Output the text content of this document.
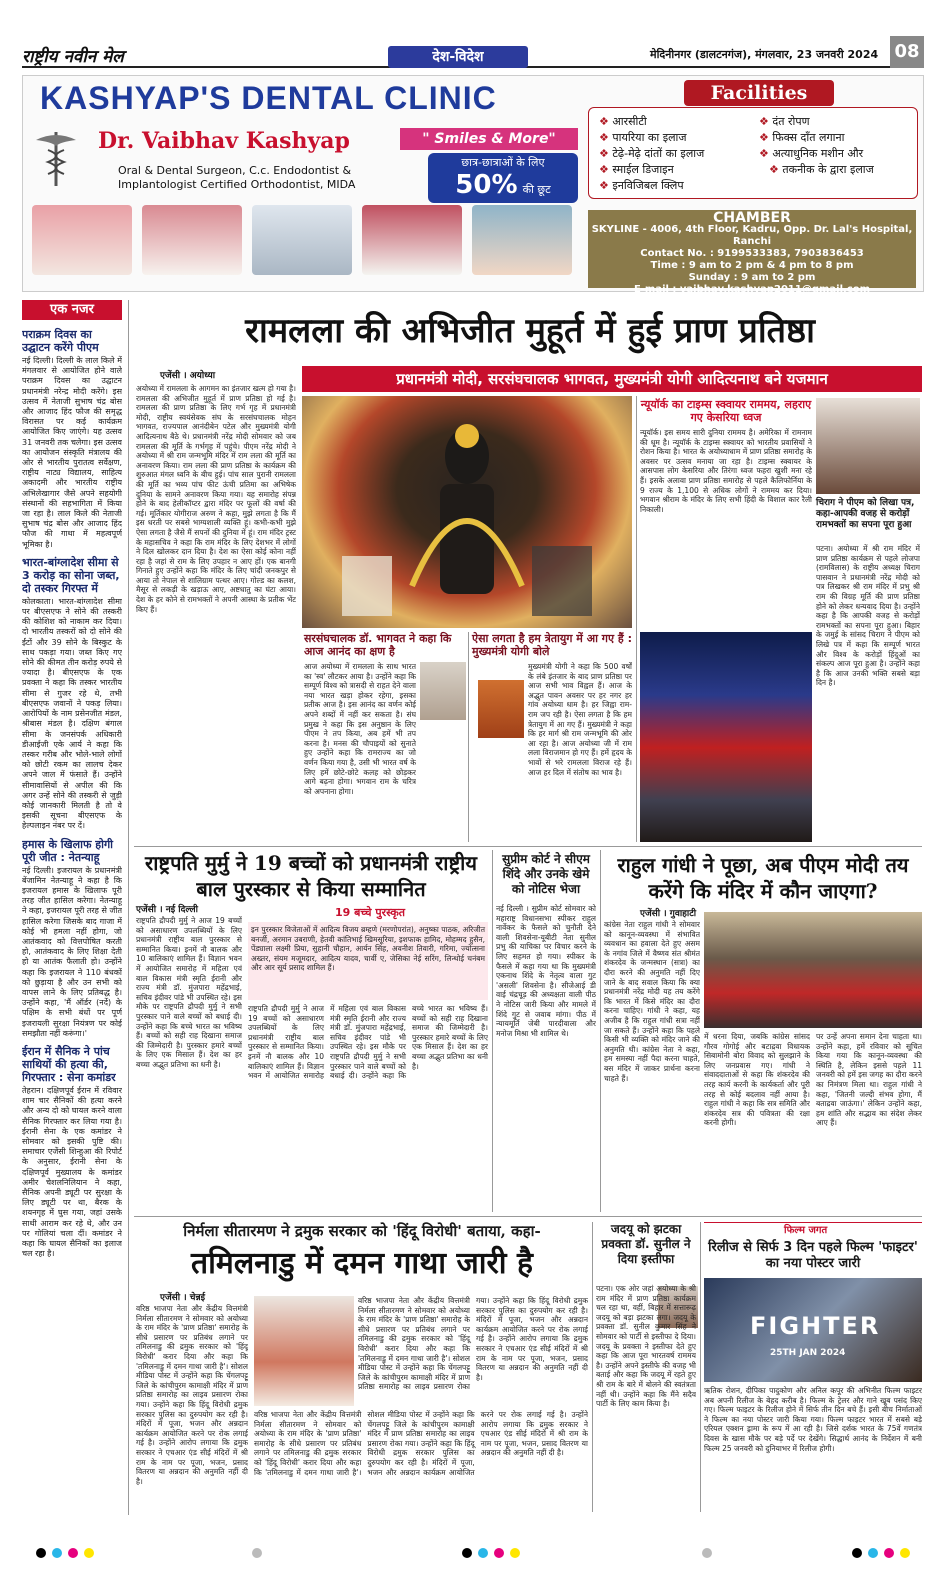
राष्ट्रीय नवीन मेल	देश-विदेश	मेदिनीनगर (डालटनगंज), मंगलवार, 23 जनवरी 2024 08
KASHYAP'S DENTAL CLINIC
Dr. Vaibhav Kashyap
Oral & Dental Surgeon, C.c. Endodontist & Implantologist Certified Orthodontist, MIDA
" Smiles & More"
छात्र-छात्राओं के लिए
50% की छूट
Facilities
❖ आरसीटी
❖ पायरिया का इलाज
❖ टेढ़े-मेढ़े दांतों का इलाज
❖ स्माईल डिजाइन
❖ इनविजिबल क्लिप
❖ दंत रोपण
❖ फिक्स दाँत लगाना
❖ अत्याधुनिक मशीन और
❖ तकनीक के द्वारा इलाज
CHAMBER
SKYLINE - 4006, 4th Floor, Kadru, Opp. Dr. Lal's Hospital, Ranchi
Contact No. : 9199533383, 7903836453
Time : 9 am to 2 pm & 4 pm to 8 pm
Sunday : 9 am to 2 pm
E-mail : vaibhav.kashyap2011@gmail.com
एक नजर
पराक्रम दिवस का उद्घाटन करेंगे पीएम
नई दिल्ली। दिल्ली के लाल किले में मंगलवार से आयोजित होने वाले पराक्रम दिवस का उद्घाटन प्रधानमंत्री नरेन्द्र मोदी करेंगे। इस उत्सव में नेताजी सुभाष चंद्र बोस और आजाद हिंद फौज की समृद्ध विरासत पर कई कार्यक्रम आयोजित किए जाएंगे। यह उत्सव 31 जनवरी तक चलेगा। इस उत्सव का आयोजन संस्कृति मंत्रालय की ओर से भारतीय पुरातत्व सर्वेक्षण, राष्ट्रीय नाट्य विद्यालय, साहित्य अकादमी और भारतीय राष्ट्रीय अभिलेखागार जैसे अपने सहयोगी संस्थानों की सहभागिता में किया जा रहा है। लाल किले की नेताजी सुभाष चंद्र बोस और आजाद हिंद फौज की गाथा में महत्वपूर्ण भूमिका है।
भारत-बांग्लादेश सीमा से 3 करोड़ का सोना जब्त, दो तस्कर गिरफ्त में
कोलकाता। भारत-बांग्लादेश सीमा पर बीएसएफ ने सोने की तस्करी की कोशिश को नाकाम कर दिया। दो भारतीय तस्करों को दो सोने की ईंटों और 39 सोने के बिस्कुट के साथ पकड़ा गया। जब्त किए गए सोने की कीमत तीन करोड़ रुपये से ज्यादा है। बीएसएफ के एक प्रवक्ता ने कहा कि तस्कर भारतीय सीमा से गुजर रहे थे, तभी बीएसएफ जवानों ने पकड़ लिया। आरोपियों के नाम प्रसेनजीत मंडल, श्रीबास मंडल है। दक्षिण बंगाल सीमा के जनसंपर्क अधिकारी डीआईजी एके आर्य ने कहा कि तस्कर गरीब और भोले-भाले लोगों को छोटी रकम का लालच देकर अपने जाल में फंसाते हैं। उन्होंने सीमावासियों से अपील की कि अगर उन्हें सोने की तस्करी से जुड़ी कोई जानकारी मिलती है तो वे इसकी सूचना बीएसएफ के हेल्पलाइन नंबर पर दें।
हमास के खिलाफ होगी पूरी जीत : नेतन्याहू
नई दिल्ली। इजरायल के प्रधानमंत्री बेंजामिन नेतन्याहू ने कहा है कि इजरायल हमास के खिलाफ पूरी तरह जीत हासिल करेगा। नेतन्याहू ने कहा, इजरायल पूरी तरह से जीत हासिल करेगा जिसके बाद गाजा में कोई भी हमला नहीं होगा, जो आतंकवाद को वित्तपोषित करती हो, आतंकवाद के लिए शिक्षा देती हो या आतंक फैलाती हो। उन्होंने कहा कि इजरायल ने 110 बंधकों को छुड़ाया है और उन सभी को वापस लाने के लिए प्रतिबद्ध है। उन्होंने कहा, 'मैं ऑर्डर (नर्दे) के पक्षिम के सभी बंधों पर पूर्ण इजरायली सुरक्षा नियंत्रण पर कोई समझौता नहीं करूंगा।'
ईरान में सैनिक ने पांच साथियों की हत्या की, गिरफ्तार : सेना कमांडर
तेहरान। दक्षिणपूर्व ईरान में रविवार शाम चार सैनिकों की हत्या करने और अन्य दो को घायल करने वाला सैनिक गिरफ्तार कर लिया गया है। ईरानी सेना के एक कमांडर ने सोमवार को इसकी पुष्टि की। समाचार एजेंसी शिन्हुआ की रिपोर्ट के अनुसार, ईरानी सेना के दक्षिणपूर्व मुख्यालय के कमांडर अमीर चेशलनिलियान ने कहा, सैनिक अपनी ड्यूटी पर सुरक्षा के लिए ड्यूटी पर था, बैरक के शयनगृह में घुस गया, जहां उसके साथी आराम कर रहे थे, और उन पर गोलियां चला दीं। कमांडर ने कहा कि घायल सैनिकों का इलाज चल रहा है।
रामलला की अभिजीत मुहूर्त में हुई प्राण प्रतिष्ठा
प्रधानमंत्री मोदी, सरसंघचालक भागवत, मुख्यमंत्री योगी आदित्यनाथ बने यजमान
एजेंसी । अयोध्या
अयोध्या में रामलला के आगमन का इंतजार खत्म हो गया है। रामलला की अभिजीत मुहूर्त में प्राण प्रतिष्ठा हो गई है। रामलला की प्राण प्रतिष्ठा के लिए गर्भ गृह में प्रधानमंत्री मोदी, राष्ट्रीय स्वयंसेवक संघ के सरसंघचालक मोहन भागवत, राज्यपाल आनंदीबेन पटेल और मुख्यमंत्री योगी आदित्यनाथ बैठे थे। प्रधानमंत्री नरेंद्र मोदी सोमवार को जब रामलला की मूर्ति के गर्भगृह में पहुंचे। पीएम नरेंद्र मोदी ने अयोध्या में श्री राम जन्मभूमि मंदिर में राम लला की मूर्ति का अनावरण किया। राम लला की प्राण प्रतिष्ठा के कार्यक्रम की शुरुआत मंगल ध्वनि के बीच हुई। पांच साल पुरानी रामलला की मूर्ति का भव्य पांच फीट ऊंची प्रतिमा का अभिषेक दुनिया के सामने अनावरण किया गया। यह समारोह संपन्न होने के बाद हेलीकॉप्टर द्वारा मंदिर पर फूलों की वर्षा की गई। मूर्तिकार योगीराज अरुण ने कहा, मुझे लगता है कि मैं इस धरती पर सबसे भाग्यशाली व्यक्ति हूं। कभी-कभी मुझे ऐसा लगता है जैसे मैं सपनों की दुनिया में हूं। राम मंदिर ट्रस्ट के महासचिव ने कहा कि राम मंदिर के लिए देशभर में लोगों ने दिल खोलकर दान दिया है। देश का ऐसा कोई कोना नहीं रहा है जहां से राम के लिए उपहार न आए हों। एक बानगी गिनाते हुए उन्होंने कहा कि मंदिर के लिए चांदी जनकपुर से आया तो नेपाल से शालिग्राम पत्थर आए। गोल्ड का कलश, मैसूर से लकड़ी के खड़ाऊ आए, अष्टधातु का घंटा आया। देश के हर कोने से रामभक्तों ने अपनी आस्था के प्रतीक भेंट किए हैं।
सरसंघचालक डॉ. भागवत ने कहा कि आज आनंद का क्षण है
आज अयोध्या में रामलला के साथ भारत का 'स्व' लौटकर आया है। उन्होंने कहा कि सम्पूर्ण विश्व को त्रासदी से राहत देने वाला नया भारत खड़ा होकर रहेगा, इसका प्रतीक आज है। इस आनंद का वर्णन कोई अपने शब्दों में नहीं कर सकता है। संघ प्रमुख ने कहा कि इस अनुष्ठान के लिए पीएम ने तप किया, अब हमें भी तप करना है। मनस की चौपाइयों को सुनाते हुए उन्होंने कहा कि रामराज्य का जो वर्णन किया गया है, उसी भी भारत वर्ष के लिए हमें छोटे-छोटे कलह को छोड़कर आगे बढ़ना होगा। भगवान राम के चरित्र को अपनाना होगा।
ऐसा लगता है हम त्रेतायुग में आ गए हैं : मुख्यमंत्री योगी बोले
मुख्यमंत्री योगी ने कहा कि 500 वर्षों के लंबे इंतजार के बाद प्राण प्रतिष्ठा पर आज सभी भाव विह्वल हैं। आज के अद्भुत पावन अवसर पर हर नगर हर गांव अयोध्या धाम है। हर जिह्वा राम-राम जप रही है। ऐसा लगता है कि हम त्रेतायुग में आ गए हैं। मुख्यमंत्री ने कहा कि हर मार्ग श्री राम जन्मभूमि की ओर आ रहा है। आज अयोध्या जी में राम लला विराजमान हो गए हैं। हमें हृदय के भावों से भरे रामलला विराज रहे हैं। आज हर दिल में संतोष का भाव है।
न्यूयॉर्क का टाइम्स स्क्वायर राममय, लहराए गए केसरिया ध्वज
न्यूयॉर्क। इस समय सारी दुनिया राममय है। अमेरिका में रामनाम की धूम है। न्यूयॉर्क के टाइम्स स्क्वायर को भारतीय प्रवासियों ने रोशन किया है। भारत के अयोध्याधाम में प्राण प्रतिष्ठा समारोह के अवसर पर उत्सव मनाया जा रहा है। टाइम्स स्क्वायर के आसपास लोग केसरिया और तिरंगा ध्वज फहरा खुशी मना रहे हैं। इसके अलावा प्राण प्रतिष्ठा समारोह से पहले कैलिफोर्निया के 9 राज्य के 1,100 से अधिक लोगों ने राममय कर दिया। भगवान श्रीराम के मंदिर के लिए सभी हिंदी के विशाल कार रैली निकाली।
चिराग ने पीएम को लिखा पत्र, कहा-आपकी वजह से करोड़ों रामभक्तों का सपना पूरा हुआ
पटना। अयोध्या में श्री राम मंदिर में प्राण प्रतिष्ठा कार्यक्रम से पहले लोजपा (रामविलास) के राष्ट्रीय अध्यक्ष चिराग पासवान ने प्रधानमंत्री नरेंद्र मोदी को पत्र लिखकर श्री राम मंदिर में प्रभु श्री राम की विग्रह मूर्ति की प्राण प्रतिष्ठा होने को लेकर धन्यवाद दिया है। उन्होंने कहा है कि आपकी वजह से करोड़ों रामभक्तों का सपना पूरा हुआ। बिहार के जमुई के सांसद चिराग ने पीएम को लिखे पत्र में कहा कि सम्पूर्ण भारत और विश्व के करोड़ों हिंदुओं का संकल्प आज पूरा हुआ है। उन्होंने कहा है कि आज उनकी भक्ति सबसे बड़ा दिन है।
राष्ट्रपति मुर्मु ने 19 बच्चों को प्रधानमंत्री राष्ट्रीय बाल पुरस्कार से किया सम्मानित
एजेंसी । नई दिल्ली
राष्ट्रपति द्रौपदी मुर्मु ने आज 19 बच्चों को असाधारण उपलब्धियों के लिए प्रधानमंत्री राष्ट्रीय बाल पुरस्कार से सम्मानित किया। इनमें नौ बालक और 10 बालिकाएं शामिल हैं। विज्ञान भवन में आयोजित समारोह में महिला एवं बाल विकास मंत्री स्मृति ईरानी और राज्य मंत्री डॉ. मुंजपारा महेंद्रभाई, सचिव इंदीवर पांडे भी उपस्थित रहे। इस मौके पर राष्ट्रपति द्रौपदी मुर्मु ने सभी पुरस्कार पाने वाले बच्चों को बधाई दी। उन्होंने कहा कि बच्चे भारत का भविष्य हैं। बच्चों को सही राह दिखाना समाज की जिम्मेदारी है। पुरस्कार हमारे बच्चों के लिए एक मिसाल हैं। देश का हर बच्चा अद्भुत प्रतिभा का धनी है।
19 बच्चे पुरस्कृत
इन पुरस्कार विजेताओं में आदित्य विजय ब्रम्हणे (मरणोपरांत), अनुष्का पाठक, अरिजीत बनर्जी, अरमान उबराणी, हेतवी कांतिभाई खिमसूरिया, इशफाक हामिद, मोहम्मद हुसैन, पेंड्याला लक्ष्मी प्रिया, सुहानी चौहान, आर्यन सिंह, अवनीश तिवारी, गरिमा, ज्योत्सना अख्तर, संयम मजूमदार, आदित्य यादव, चार्वी ए, जेसिका नेई सरिंग, लिन्थोई चनंबम और आर सूर्य प्रसाद शामिल हैं।
राष्ट्रपति द्रौपदी मुर्मु ने आज 19 बच्चों को असाधारण उपलब्धियों के लिए प्रधानमंत्री राष्ट्रीय बाल पुरस्कार से सम्मानित किया। इनमें नौ बालक और 10 बालिकाएं शामिल हैं। विज्ञान भवन में आयोजित समारोह में महिला एवं बाल विकास मंत्री स्मृति ईरानी और राज्य मंत्री डॉ. मुंजपारा महेंद्रभाई, सचिव इंदीवर पांडे भी उपस्थित रहे। इस मौके पर राष्ट्रपति द्रौपदी मुर्मु ने सभी पुरस्कार पाने वाले बच्चों को बधाई दी। उन्होंने कहा कि बच्चे भारत का भविष्य हैं। बच्चों को सही राह दिखाना समाज की जिम्मेदारी है। पुरस्कार हमारे बच्चों के लिए एक मिसाल हैं। देश का हर बच्चा अद्भुत प्रतिभा का धनी है।
सुप्रीम कोर्ट ने सीएम शिंदे और उनके खेमे को नोटिस भेजा
नई दिल्ली । सुप्रीम कोर्ट सोमवार को महाराष्ट्र विधानसभा स्पीकर राहुल नार्वेकर के फैसले को चुनौती देने वाली शिवसेना-यूबीटी नेता सुनील प्रभु की याचिका पर विचार करने के लिए सहमत हो गया। स्पीकर के फैसले में कहा गया था कि मुख्यमंत्री एकनाथ शिंदे के नेतृत्व वाला गुट 'असली' शिवसेना है। सीजेआई डी वाई चंद्रचूड़ की अध्यक्षता वाली पीठ ने नोटिस जारी किया और मामले में शिंदे गुट से जवाब मांगा। पीठ में न्यायमूर्ति जेबी पारदीवाला और मनोज मिश्रा भी शामिल थे।
राहुल गांधी ने पूछा, अब पीएम मोदी तय करेंगे कि मंदिर में कौन जाएगा?
एजेंसी । गुवाहाटी
कांग्रेस नेता राहुल गांधी ने सोमवार को कानून-व्यवस्था में संभावित व्यवधान का हवाला देते हुए असम के नगांव जिले में वैष्णव संत श्रीमंत शंकरदेव के जन्मस्थान (सत्रा) का दौरा करने की अनुमति नहीं दिए जाने के बाद सवाल किया कि क्या प्रधानमंत्री नरेंद्र मोदी यह तय करेंगे कि भारत में किसे मंदिर का दौरा करना चाहिए। गांधी ने कहा, यह अजीब है कि राहुल गांधी सत्रा नहीं जा सकते हैं। उन्होंने कहा कि पहले किसी भी व्यक्ति को मंदिर जाने की अनुमति थी। कांग्रेस नेता ने कहा, हम समस्या नहीं पैदा करना चाहते, बस मंदिर में जाकर प्रार्थना करना चाहते हैं।
में धरना दिया, जबकि कांग्रेस सांसद गौरव गोगोई और बटाद्रवा विधायक सिबामोनी बोरा विवाद को सुलझाने के लिए जनप्रवास गए। गांधी ने संवाददाताओं से कहा कि शंकरदेव की तरह कार्य करनी के कार्यकर्ता और पूरी तरह से कोई बदलाव नहीं आया है। राहुल गांधी ने कहा कि सत्र समिति और शंकरदेव सत्र की पवित्रता की रक्षा करनी होगी।
पर उन्हें अपना समान देना चाहता था। उन्होंने कहा, हमें रविवार को सूचित किया गया कि कानून-व्यवस्था की स्थिति है, लेकिन इससे पहले 11 जनवरी को हमें इस जगह का दौरा करने का निमंत्रण मिला था। राहुल गांधी ने कहा, 'जितनी जल्दी संभव होगा, मैं बताद्रवा जाऊंगा।' लेकिन उन्होंने कहा, हम शांति और सद्भाव का संदेश लेकर आए हैं।
निर्मला सीतारमण ने द्रमुक सरकार को 'हिंदू विरोधी' बताया, कहा-
तमिलनाडु में दमन गाथा जारी है
एजेंसी । चेन्नई
वरिष्ठ भाजपा नेता और केंद्रीय वित्तमंत्री निर्मला सीतारमण ने सोमवार को अयोध्या के राम मंदिर के 'प्राण प्रतिष्ठा' समारोह के सीधे प्रसारण पर प्रतिबंध लगाने पर तमिलनाडु की द्रमुक सरकार को 'हिंदू विरोधी' करार दिया और कहा कि 'तमिलनाडु में दमन गाथा जारी है'। सोशल मीडिया पोस्ट में उन्होंने कहा कि चेंगलपट्टू जिले के कांचीपुरम कामाक्षी मंदिर में प्राण प्रतिष्ठा समारोह का लाइव प्रसारण रोका गया। उन्होंने कहा कि हिंदू विरोधी द्रमुक सरकार पुलिस का दुरुपयोग कर रही है। मंदिरों में पूजा, भजन और अन्नदान कार्यक्रम आयोजित करने पर रोक लगाई गई है। उन्होंने आरोप लगाया कि द्रमुक सरकार ने एचआर एंड सीई मंदिरों में श्री राम के नाम पर पूजा, भजन, प्रसाद वितरण या अन्नदान की अनुमति नहीं दी है।
वरिष्ठ भाजपा नेता और केंद्रीय वित्तमंत्री निर्मला सीतारमण ने सोमवार को अयोध्या के राम मंदिर के 'प्राण प्रतिष्ठा' समारोह के सीधे प्रसारण पर प्रतिबंध लगाने पर तमिलनाडु की द्रमुक सरकार को 'हिंदू विरोधी' करार दिया और कहा कि 'तमिलनाडु में दमन गाथा जारी है'। सोशल मीडिया पोस्ट में उन्होंने कहा कि चेंगलपट्टू जिले के कांचीपुरम कामाक्षी मंदिर में प्राण प्रतिष्ठा समारोह का लाइव प्रसारण रोका गया। उन्होंने कहा कि हिंदू विरोधी द्रमुक सरकार पुलिस का दुरुपयोग कर रही है। मंदिरों में पूजा, भजन और अन्नदान कार्यक्रम आयोजित करने पर रोक लगाई गई है। उन्होंने आरोप लगाया कि द्रमुक सरकार ने एचआर एंड सीई मंदिरों में श्री राम के नाम पर पूजा, भजन, प्रसाद वितरण या अन्नदान की अनुमति नहीं दी है।
वरिष्ठ भाजपा नेता और केंद्रीय वित्तमंत्री निर्मला सीतारमण ने सोमवार को अयोध्या के राम मंदिर के 'प्राण प्रतिष्ठा' समारोह के सीधे प्रसारण पर प्रतिबंध लगाने पर तमिलनाडु की द्रमुक सरकार को 'हिंदू विरोधी' करार दिया और कहा कि 'तमिलनाडु में दमन गाथा जारी है'। सोशल मीडिया पोस्ट में उन्होंने कहा कि चेंगलपट्टू जिले के कांचीपुरम कामाक्षी मंदिर में प्राण प्रतिष्ठा समारोह का लाइव प्रसारण रोका गया। उन्होंने कहा कि हिंदू विरोधी द्रमुक सरकार पुलिस का दुरुपयोग कर रही है। मंदिरों में पूजा, भजन और अन्नदान कार्यक्रम आयोजित करने पर रोक लगाई गई है। उन्होंने आरोप लगाया कि द्रमुक सरकार ने एचआर एंड सीई मंदिरों में श्री राम के नाम पर पूजा, भजन, प्रसाद वितरण या अन्नदान की अनुमति नहीं दी है।
जदयू को झटका प्रवक्ता डॉ. सुनील ने दिया इस्तीफा
पटना। एक ओर जहां अयोध्या के श्री राम मंदिर में प्राण प्रतिष्ठा कार्यक्रम चल रहा था, वहीं, बिहार में सत्तारूढ़ जदयू को बड़ा झटका लगा। जदयू के प्रवक्ता डॉ. सुनील कुमार सिंह ने सोमवार को पार्टी से इस्तीफा दे दिया। जदयू के प्रवक्ता ने इस्तीफा देते हुए कहा कि आज पूरा भारतवर्ष राममय है। उन्होंने अपने इस्तीफे की वजह भी बताई और कहा कि जदयू में रहते हुए श्री राम के बारे में बोलने की स्वतंत्रता नहीं थी। उन्होंने कहा कि मैंने सदैव पार्टी के लिए काम किया है।
फिल्म जगत
रिलीज से सिर्फ 3 दिन पहले फिल्म 'फाइटर' का नया पोस्टर जारी
FIGHTER
25TH JAN 2024
ऋतिक रोशन, दीपिका पादुकोण और अनिल कपूर की अभिनीत फिल्म फाइटर अब अपनी रिलीज के बेहद करीब है। फिल्म के ट्रेलर और गाने खूब पसंद किए गए। फिल्म फाइटर के रिलीज होने में सिर्फ तीन दिन बचे हैं। इसी बीच निर्माताओं ने फिल्म का नया पोस्टर जारी किया गया। फिल्म फाइटर भारत में सबसे बड़े एरियल एक्शन ड्रामा के रूप में आ रही है। जिसे दर्शक भारत के 75वें गणतंत्र दिवस के खास मौके पर बड़े पर्दे पर देखेंगे। सिद्धार्थ आनंद के निर्देशन में बनी फिल्म 25 जनवरी को दुनियाभर में रिलीज होगी।
